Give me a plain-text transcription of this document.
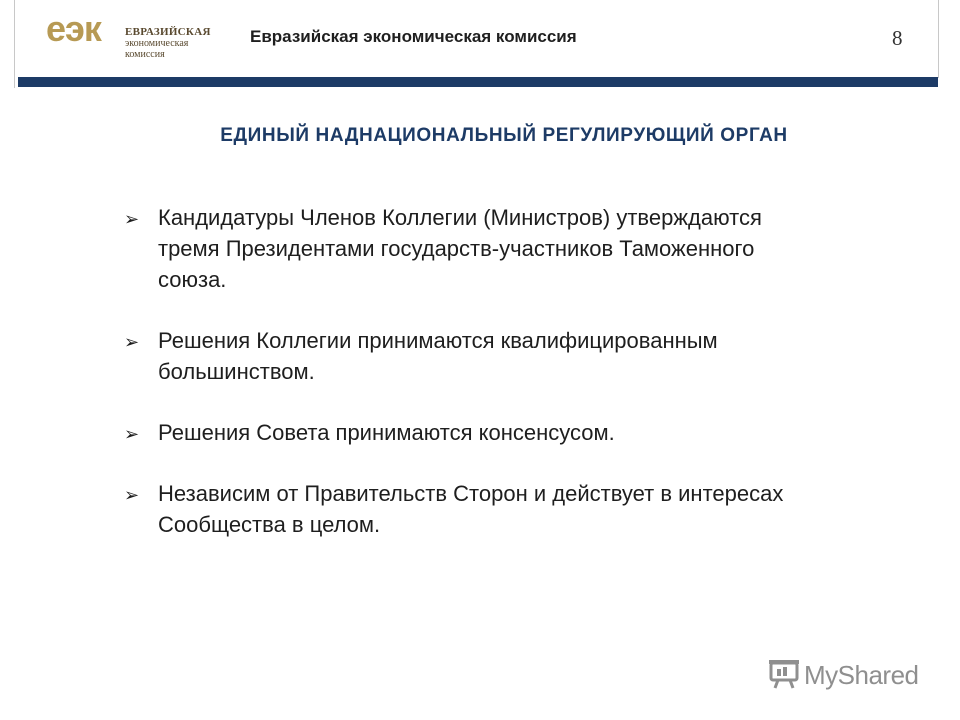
еэк ЕВРАЗИЙСКАЯ
экономическая
комиссия
Евразийская экономическая комиссия	8
ЕДИНЫЙ НАДНАЦИОНАЛЬНЫЙ РЕГУЛИРУЮЩИЙ ОРГАН
➢ Кандидатуры Членов Коллегии (Министров) утверждаются тремя Президентами государств-участников Таможенного союза.
➢ Решения Коллегии принимаются квалифицированным большинством.
➢ Решения Совета принимаются консенсусом.
➢ Независим от Правительств Сторон и действует в интересах Сообщества в целом.
MyShared
